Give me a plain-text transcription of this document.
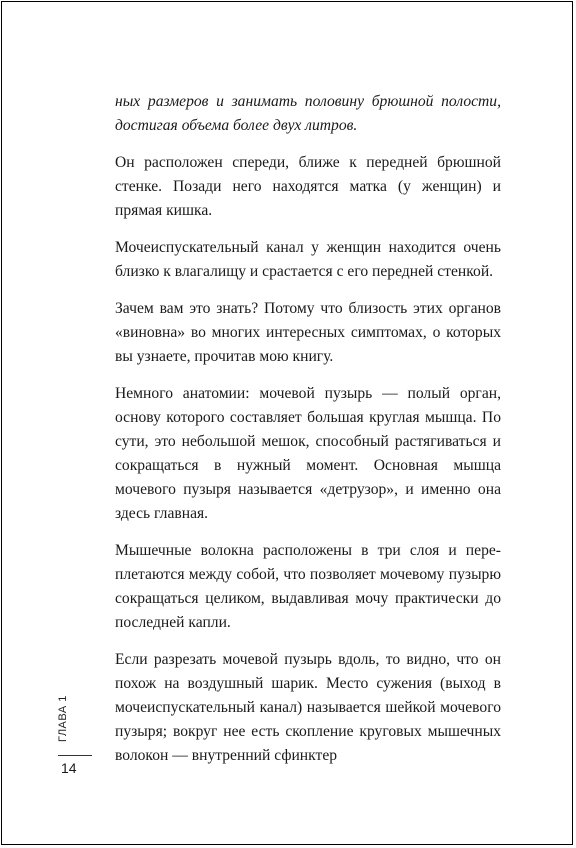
ных размеров и занимать половину брюшной полости, достигая объема более двух литров.

Он расположен спереди, ближе к передней брюшной стенке. Позади него находятся матка (у женщин) и прямая кишка.

Мочеиспускательный канал у женщин находится очень близко к влагалищу и срастается с его передней стенкой.

Зачем вам это знать? Потому что близость этих органов «виновна» во многих интересных симптомах, о которых вы узнаете, прочитав мою книгу.

Немного анатомии: мочевой пузырь — полый орган, основу которого составляет большая круглая мышца. По сути, это небольшой мешок, способный растягиваться и сокращаться в нужный момент. Основная мышца мочевого пузыря называется «детрузор», и именно она здесь главная.

Мышечные волокна расположены в три слоя и переплетаются между собой, что позволяет мочевому пузырю сокращаться целиком, выдавливая мочу практически до последней капли.

Если разрезать мочевой пузырь вдоль, то видно, что он похож на воздушный шарик. Место сужения (выход в мочеиспускательный канал) называется шейкой мочевого пузыря; вокруг нее есть скопление круговых мышечных волокон — внутренний сфинктер

ГЛАВА 1
14
